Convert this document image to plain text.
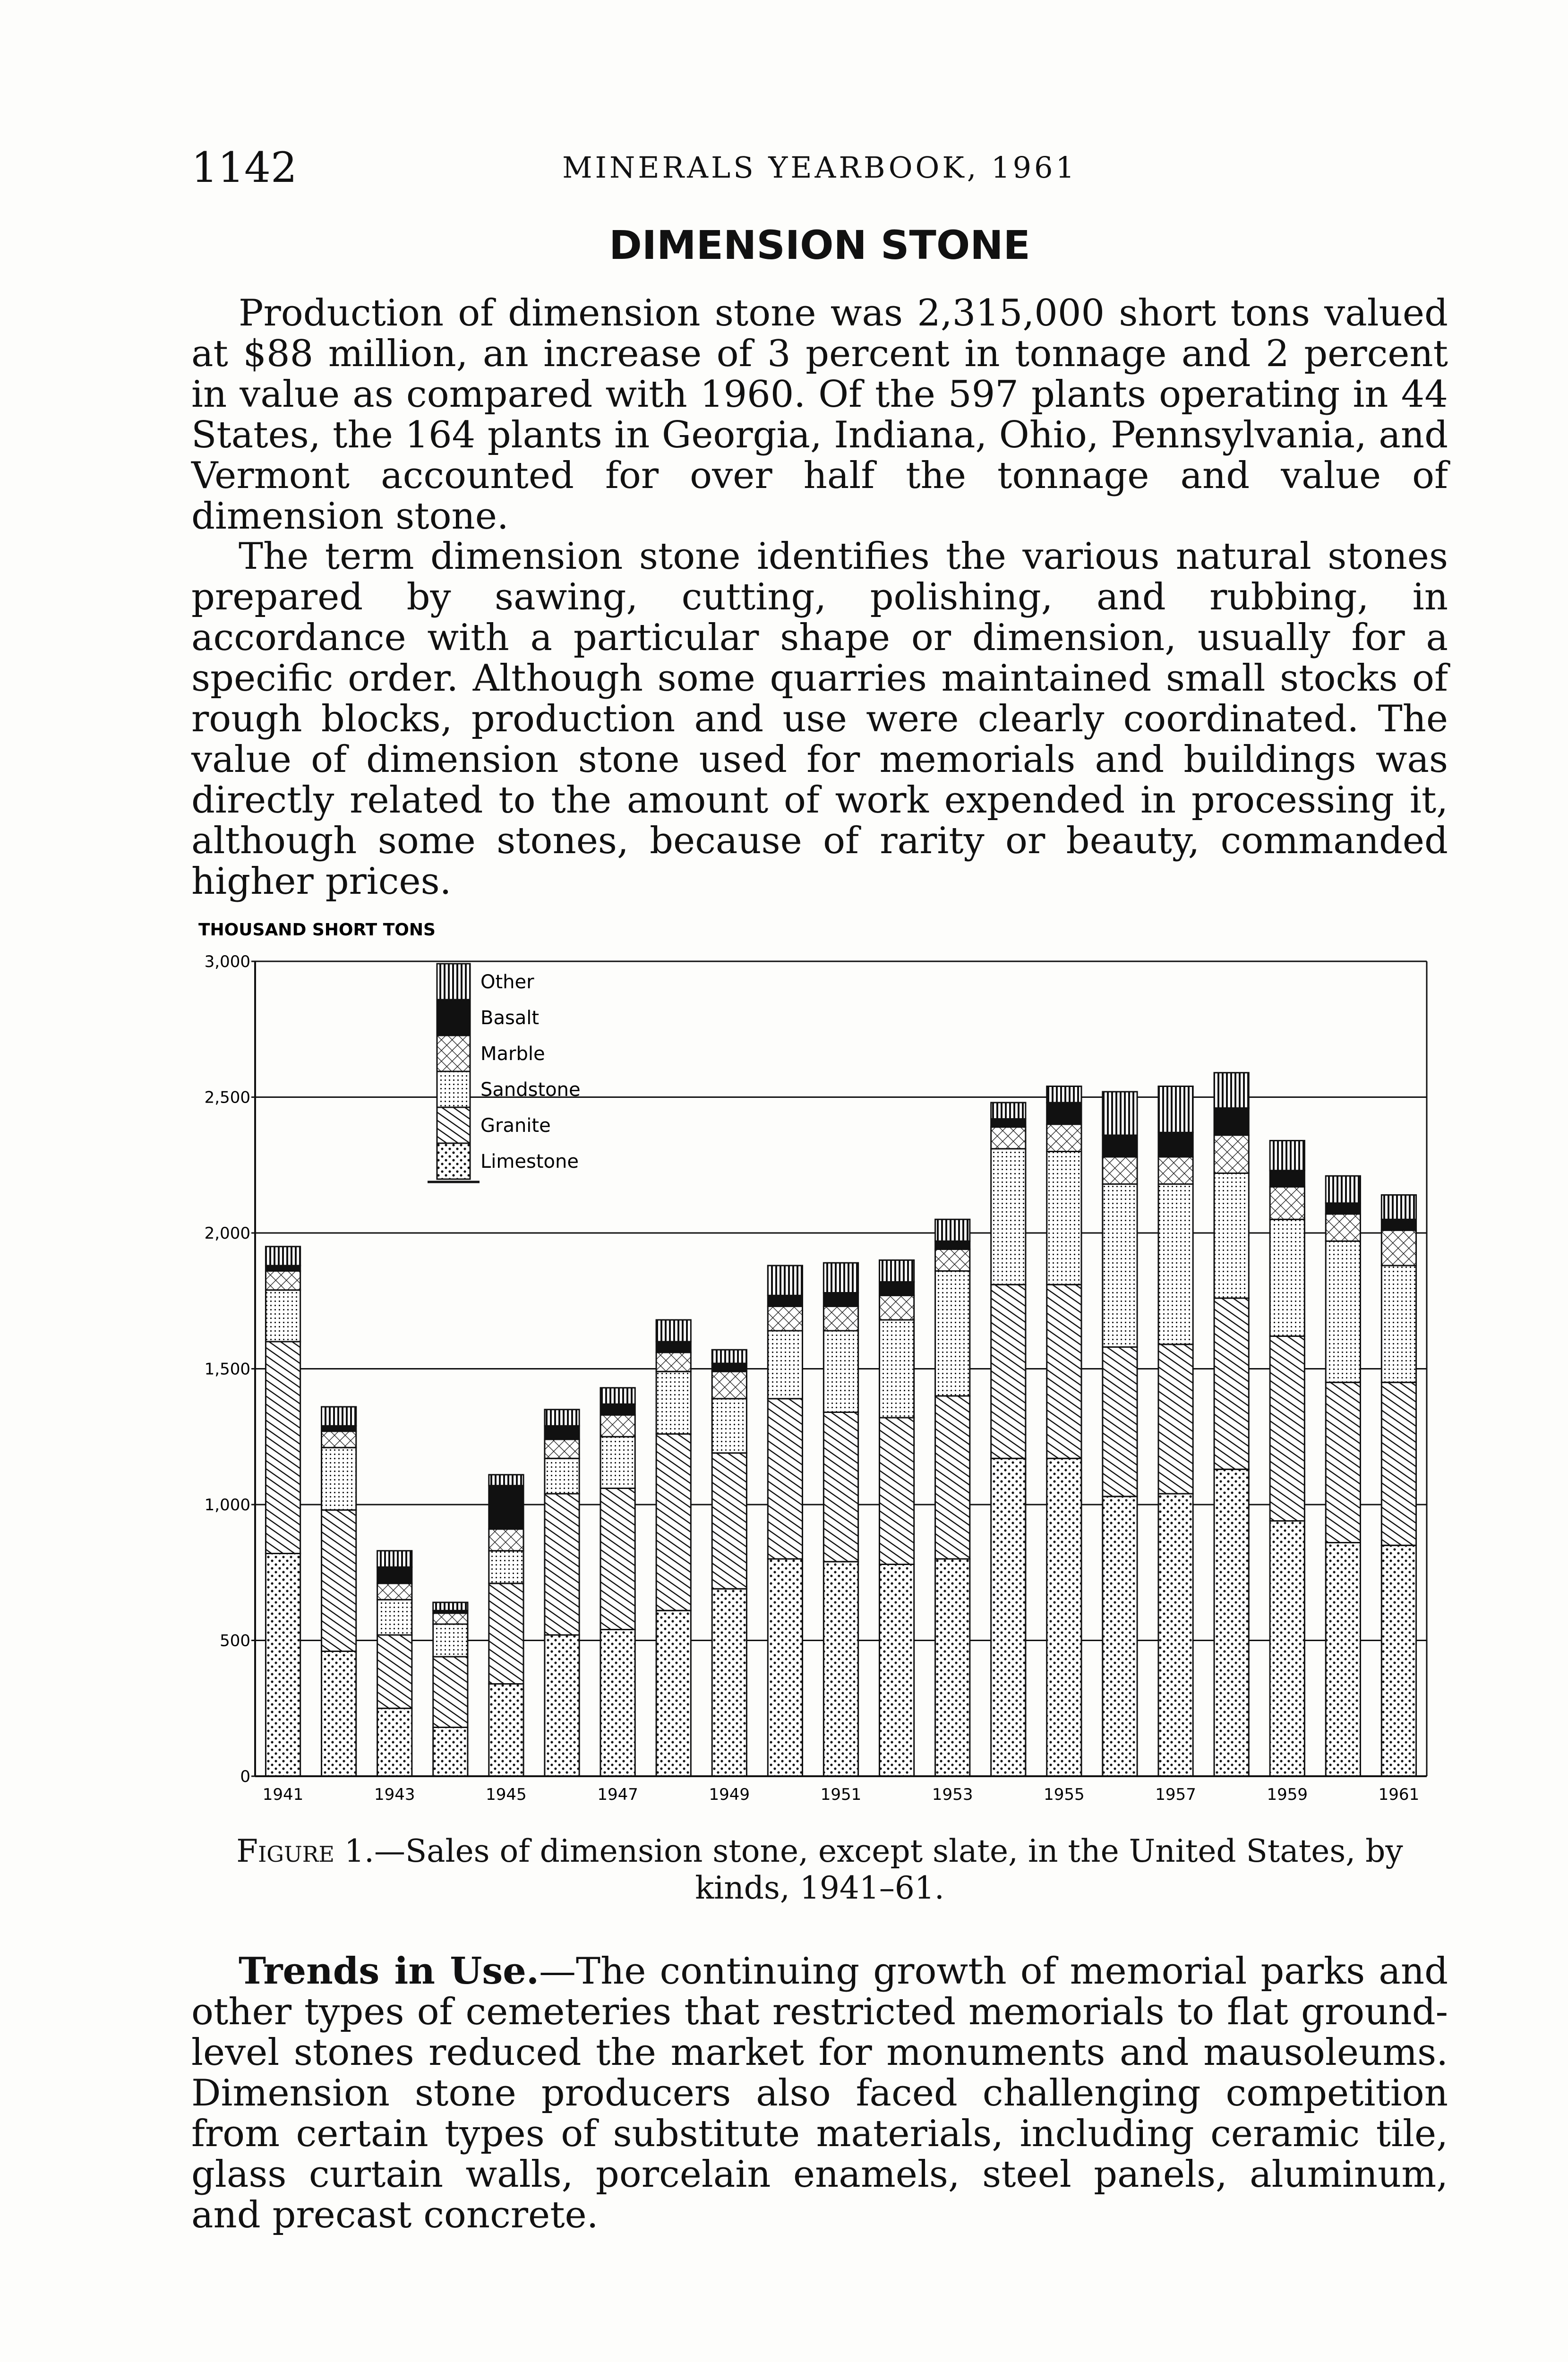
1142	MINERALS YEARBOOK, 1961
DIMENSION STONE

Production of dimension stone was 2,315,000 short tons valued at $88 million, an increase of 3 percent in tonnage and 2 percent in value as compared with 1960. Of the 597 plants operating in 44 States, the 164 plants in Georgia, Indiana, Ohio, Pennsylvania, and Vermont accounted for over half the tonnage and value of dimension stone.

The term dimension stone identifies the various natural stones prepared by sawing, cutting, polishing, and rubbing, in accordance with a particular shape or dimension, usually for a specific order. Although some quarries maintained small stocks of rough blocks, production and use were clearly coordinated. The value of dimension stone used for memorials and buildings was directly related to the amount of work expended in processing it, although some stones, because of rarity or beauty, commanded higher prices.

THOUSAND SHORT TONS
0
500
1,000
1,500
2,000
2,500
3,000
1941	1943	1945	1947	1949	1951	1953	1955	1957	1959	1961
Other
Basalt
Marble
Sandstone
Granite
Limestone
Figure 1.—Sales of dimension stone, except slate, in the United States, by kinds, 1941–61.

Trends in Use.—The continuing growth of memorial parks and other types of cemeteries that restricted memorials to flat ground-level stones reduced the market for monuments and mausoleums. Dimension stone producers also faced challenging competition from certain types of substitute materials, including ceramic tile, glass curtain walls, porcelain enamels, steel panels, aluminum, and precast concrete.
